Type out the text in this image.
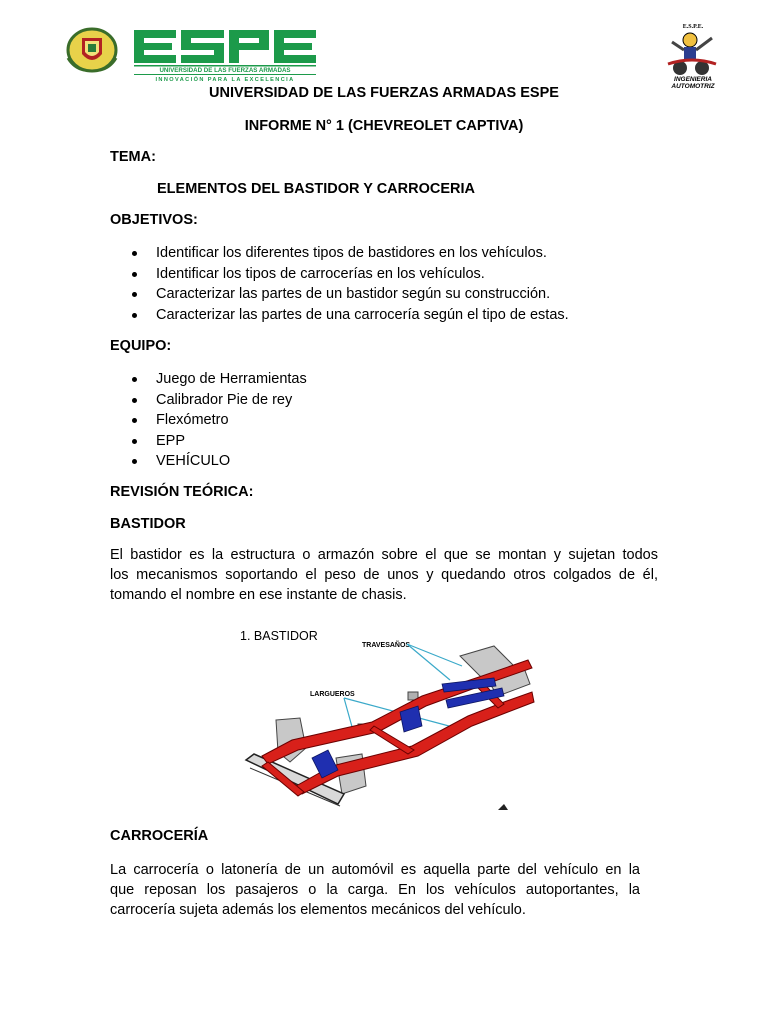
UNIVERSIDAD DE LAS FUERZAS ARMADAS
INNOVACIÓN PARA LA EXCELENCIA
E.S.P.E.
INGENIERIA AUTOMOTRIZ
UNIVERSIDAD DE LAS FUERZAS ARMADAS ESPE
INFORME N° 1 (CHEVREOLET CAPTIVA)
TEMA:
ELEMENTOS DEL BASTIDOR Y CARROCERIA
OBJETIVOS:
Identificar los diferentes tipos de bastidores en los vehículos.
Identificar los tipos de carrocerías en los vehículos.
Caracterizar las partes de un bastidor según su construcción.
Caracterizar las partes de una carrocería según el tipo de estas.
EQUIPO:
Juego de Herramientas
Calibrador Pie de rey
Flexómetro
EPP
VEHÍCULO
REVISIÓN TEÓRICA:
BASTIDOR
El bastidor es la estructura o armazón sobre el que se montan y sujetan todos
los mecanismos soportando el peso de unos y quedando otros colgados de él,
tomando el nombre en ese instante de chasis.
1. BASTIDOR
TRAVESAÑOS
LARGUEROS
CARROCERÍA
La carrocería o latonería de un automóvil es aquella parte del vehículo en la
que reposan los pasajeros o la carga. En los vehículos autoportantes, la
carrocería sujeta además los elementos mecánicos del vehículo.
